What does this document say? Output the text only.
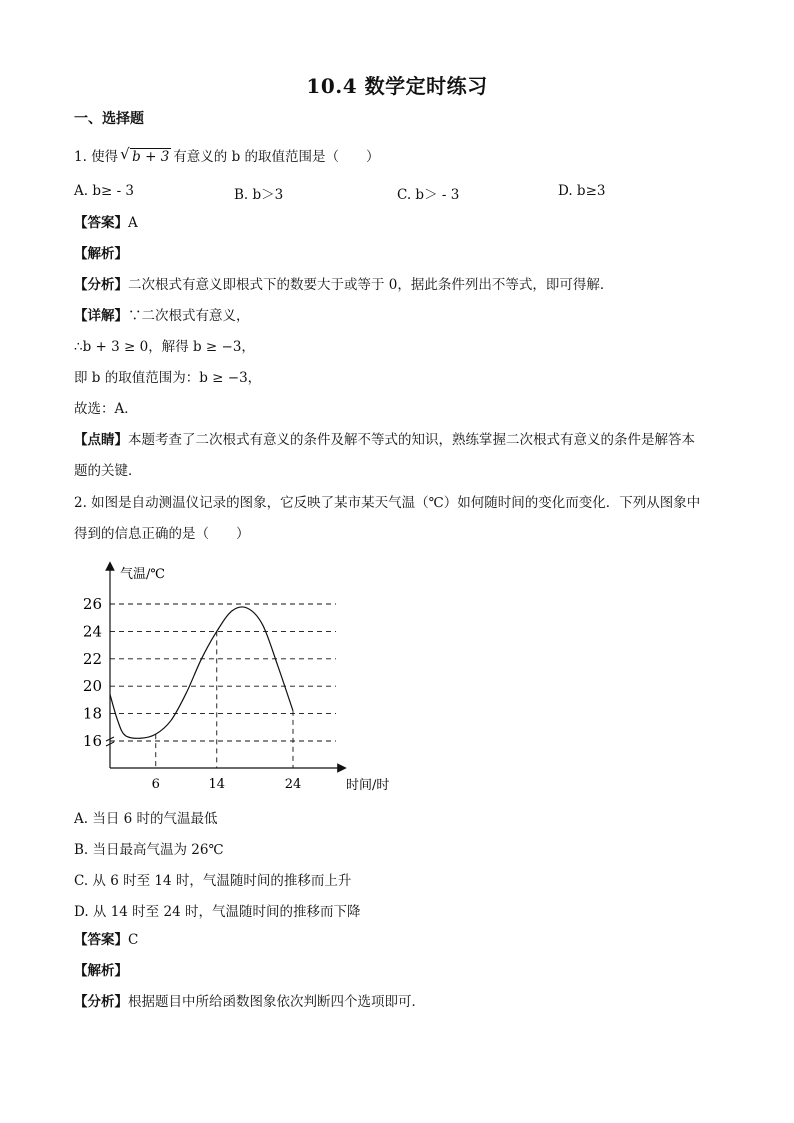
10.4 数学定时练习
一、选择题
1. 使得 √ b + 3 有意义的 b 的取值范围是（　　）
A. b≥ - 3	B. b＞3	C. b＞ - 3	D. b≥3
【答案】A
【解析】
【分析】二次根式有意义即根式下的数要大于或等于 0，据此条件列出不等式，即可得解．
【详解】∵二次根式有意义，
∴b + 3 ≥ 0，解得 b ≥ −3，
即 b 的取值范围为：b ≥ −3，
故选：A．
【点睛】本题考查了二次根式有意义的条件及解不等式的知识，熟练掌握二次根式有意义的条件是解答本
题的关键．
2. 如图是自动测温仪记录的图象，它反映了某市某天气温（℃）如何随时间的变化而变化．下列从图象中
得到的信息正确的是（　　）
气温/℃
时间/时
16
18
20
22
24
26
6	14	24
A. 当日 6 时的气温最低
B. 当日最高气温为 26℃
C. 从 6 时至 14 时，气温随时间的推移而上升
D. 从 14 时至 24 时，气温随时间的推移而下降
【答案】C
【解析】
【分析】根据题目中所给函数图象依次判断四个选项即可．
